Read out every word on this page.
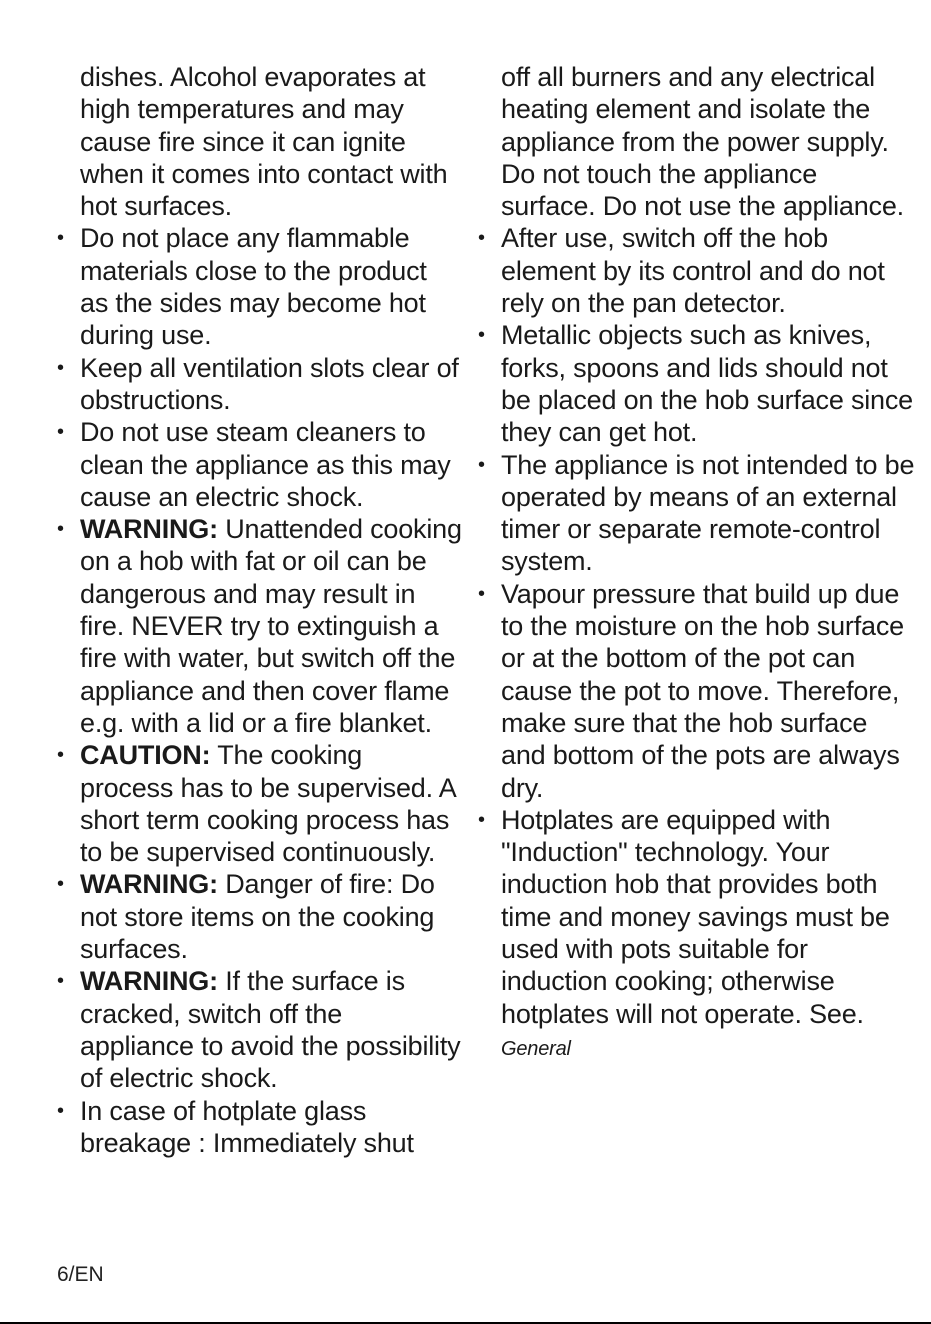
dishes. Alcohol evaporates at high temperatures and may cause fire since it can ignite when it comes into contact with hot surfaces.

• Do not place any flammable materials close to the product as the sides may become hot during use.
• Keep all ventilation slots clear of obstructions.
• Do not use steam cleaners to clean the appliance as this may cause an electric shock.
• WARNING: Unattended cooking on a hob with fat or oil can be dangerous and may result in fire. NEVER try to extinguish a fire with water, but switch off the appliance and then cover flame e.g. with a lid or a fire blanket.
• CAUTION: The cooking process has to be supervised. A short term cooking process has to be supervised continuously.
• WARNING: Danger of fire: Do not store items on the cooking surfaces.
• WARNING: If the surface is cracked, switch off the appliance to avoid the possibility of electric shock.
• In case of hotplate glass breakage : Immediately shut

off all burners and any electrical heating element and isolate the appliance from the power supply. Do not touch the appliance surface. Do not use the appliance.

• After use, switch off the hob element by its control and do not rely on the pan detector.
• Metallic objects such as knives, forks, spoons and lids should not be placed on the hob surface since they can get hot.
• The appliance is not intended to be operated by means of an external timer or separate remote-control system.
• Vapour pressure that build up due to the moisture on the hob surface or at the bottom of the pot can cause the pot to move. Therefore, make sure that the hob surface and bottom of the pots are always dry.
• Hotplates are equipped with "Induction" technology. Your induction hob that provides both time and money savings must be used with pots suitable for induction cooking; otherwise hotplates will not operate. See. General
6/EN
